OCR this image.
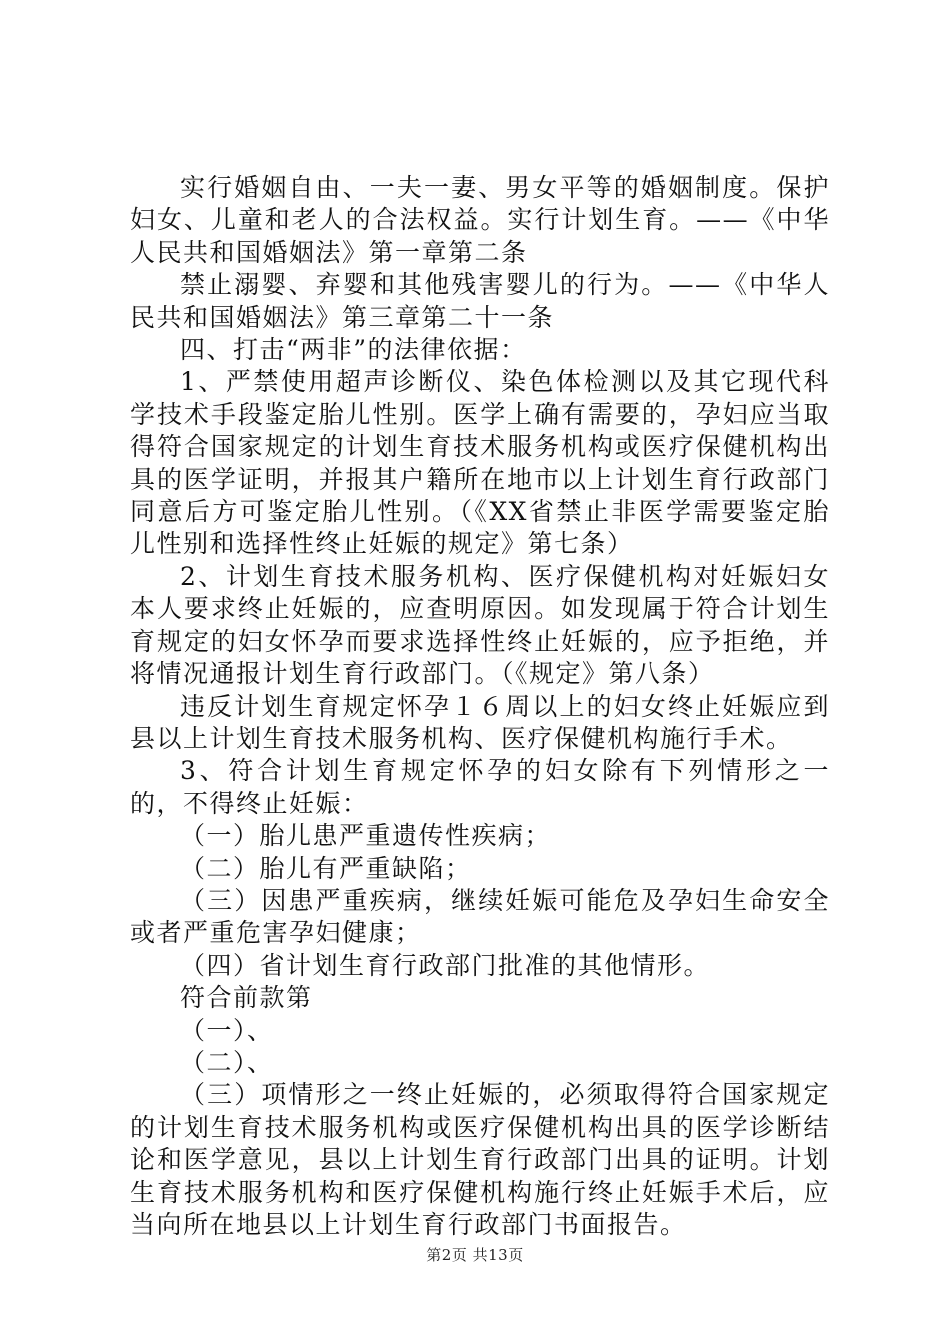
实行婚姻自由、一夫一妻、男女平等的婚姻制度。保护妇女、儿童和老人的合法权益。实行计划生育。——《中华人民共和国婚姻法》第一章第二条

禁止溺婴、弃婴和其他残害婴儿的行为。——《中华人民共和国婚姻法》第三章第二十一条

四、打击“两非”的法律依据：

1、严禁使用超声诊断仪、染色体检测以及其它现代科学技术手段鉴定胎儿性别。医学上确有需要的，孕妇应当取得符合国家规定的计划生育技术服务机构或医疗保健机构出具的医学证明，并报其户籍所在地市以上计划生育行政部门同意后方可鉴定胎儿性别。（《XX省禁止非医学需要鉴定胎儿性别和选择性终止妊娠的规定》第七条）

2、计划生育技术服务机构、医疗保健机构对妊娠妇女本人要求终止妊娠的，应查明原因。如发现属于符合计划生育规定的妇女怀孕而要求选择性终止妊娠的，应予拒绝，并将情况通报计划生育行政部门。（《规定》第八条）

违反计划生育规定怀孕１６周以上的妇女终止妊娠应到县以上计划生育技术服务机构、医疗保健机构施行手术。

3、符合计划生育规定怀孕的妇女除有下列情形之一的，不得终止妊娠：

（一）胎儿患严重遗传性疾病；

（二）胎儿有严重缺陷；

（三）因患严重疾病，继续妊娠可能危及孕妇生命安全或者严重危害孕妇健康；

（四）省计划生育行政部门批准的其他情形。

符合前款第

（一）、

（二）、

（三）项情形之一终止妊娠的，必须取得符合国家规定的计划生育技术服务机构或医疗保健机构出具的医学诊断结论和医学意见，县以上计划生育行政部门出具的证明。计划生育技术服务机构和医疗保健机构施行终止妊娠手术后，应当向所在地县以上计划生育行政部门书面报告。

第2页 共13页
